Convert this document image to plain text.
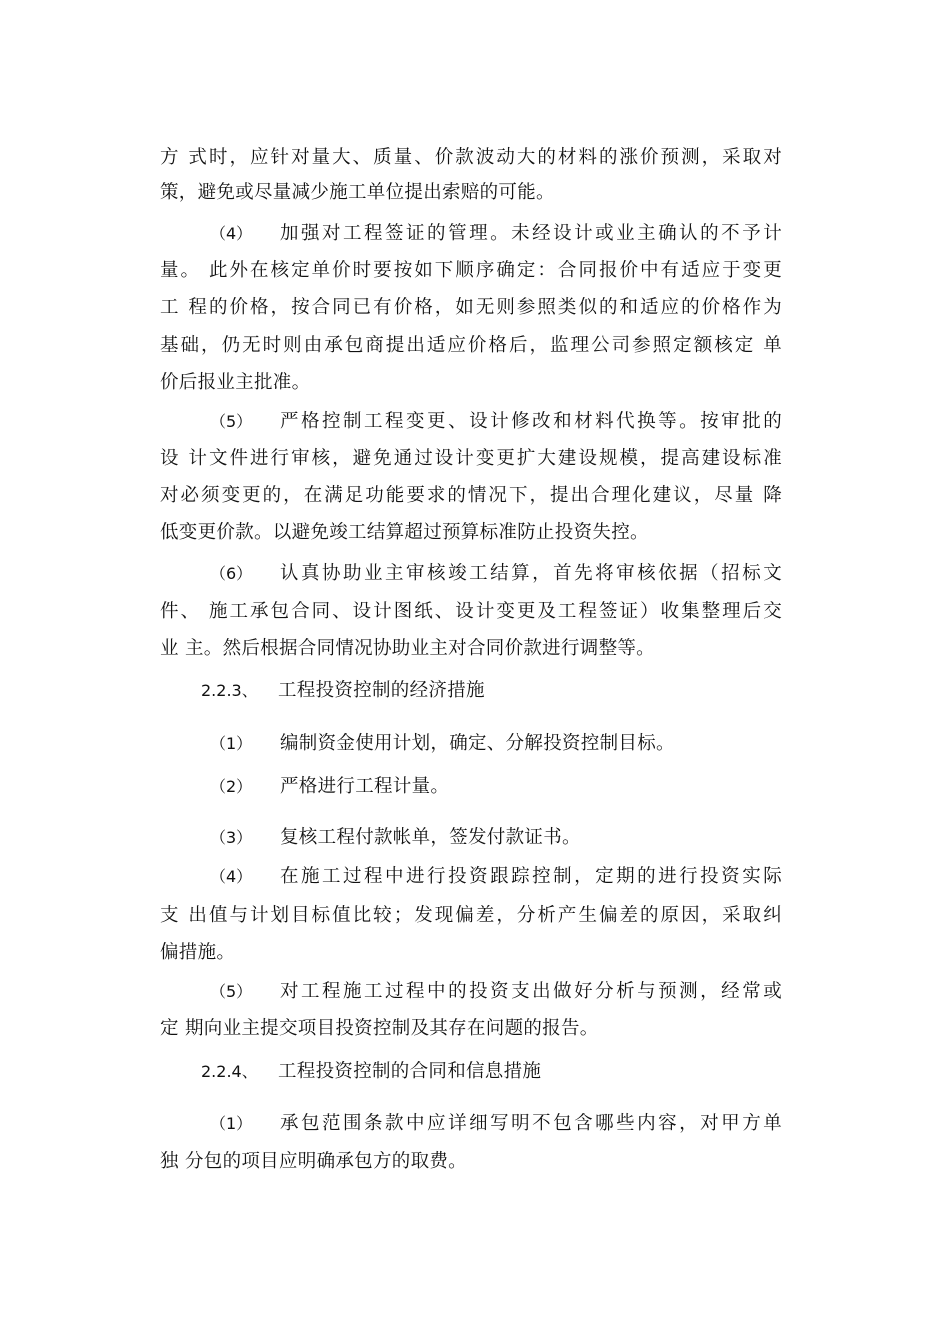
方 式时，应针对量大、质量、价款波动大的材料的涨价预测，采取对
策，避免或尽量减少施工单位提出索赔的可能。
（4） 加强对工程签证的管理。未经设计或业主确认的不予计
量。 此外在核定单价时要按如下顺序确定：合同报价中有适应于变更
工 程的价格，按合同已有价格，如无则参照类似的和适应的价格作为
基础，仍无时则由承包商提出适应价格后，监理公司参照定额核定 单
价后报业主批准。
（5） 严格控制工程变更、设计修改和材料代换等。按审批的
设 计文件进行审核，避免通过设计变更扩大建设规模，提高建设标准
对必须变更的，在满足功能要求的情况下，提出合理化建议，尽量 降
低变更价款。以避免竣工结算超过预算标准防止投资失控。
（6） 认真协助业主审核竣工结算，首先将审核依据（招标文
件、 施工承包合同、设计图纸、设计变更及工程签证）收集整理后交
业 主。然后根据合同情况协助业主对合同价款进行调整等。
2.2.3、 工程投资控制的经济措施
（1） 编制资金使用计划，确定、分解投资控制目标。
（2） 严格进行工程计量。
（3） 复核工程付款帐单，签发付款证书。
（4） 在施工过程中进行投资跟踪控制，定期的进行投资实际
支 出值与计划目标值比较；发现偏差，分析产生偏差的原因，采取纠
偏措施。
（5） 对工程施工过程中的投资支出做好分析与预测，经常或
定 期向业主提交项目投资控制及其存在问题的报告。
2.2.4、 工程投资控制的合同和信息措施
（1） 承包范围条款中应详细写明不包含哪些内容，对甲方单
独 分包的项目应明确承包方的取费。
